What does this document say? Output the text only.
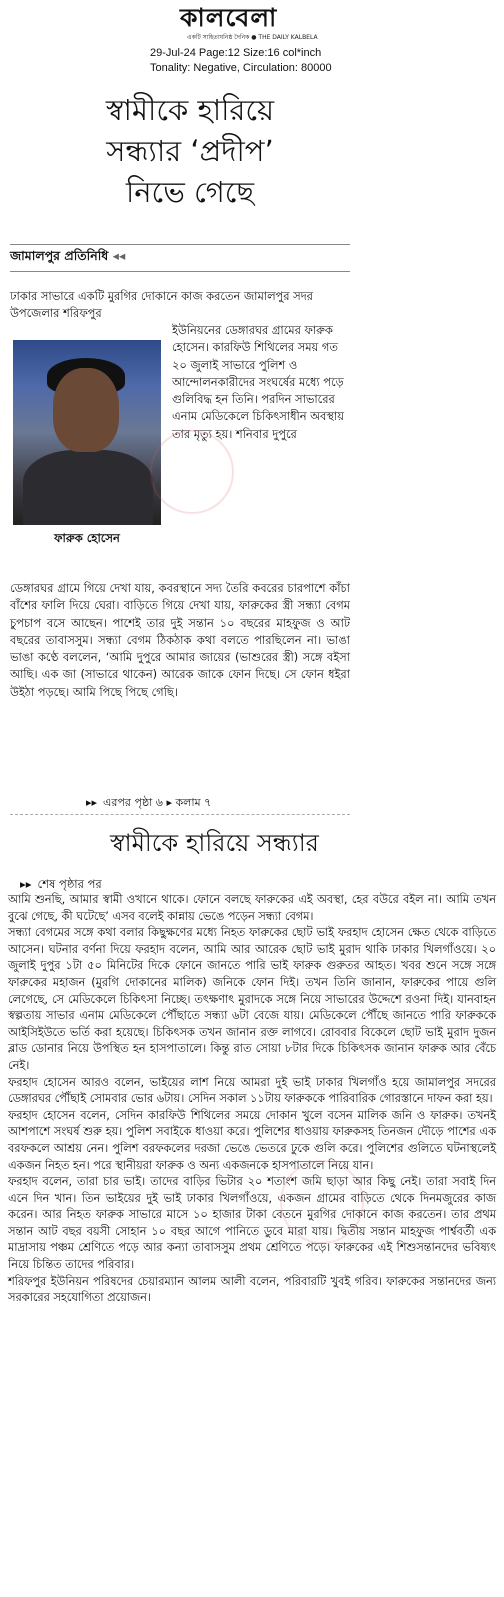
কালবেলা
একটি সাহিত্যঘনিষ্ঠ দৈনিক ● THE DAILY KALBELA
29-Jul-24 Page:12 Size:16 col*inch
Tonality: Negative, Circulation: 80000
স্বামীকে হারিয়ে
সন্ধ্যার ‘প্রদীপ’
নিভে গেছে
জামালপুর প্রতিনিধি ◂◂
ঢাকার সাভারে একটি মুরগির দোকানে কাজ করতেন জামালপুর সদর উপজেলার শরিফপুর
ফারুক হোসেন
ইউনিয়নের ডেঙ্গারঘর গ্রামের ফারুক হোসেন। কারফিউ শিথিলের সময় গত ২০ জুলাই সাভারে পুলিশ ও আন্দোলনকারীদের সংঘর্ষের মধ্যে পড়ে গুলিবিদ্ধ হন তিনি। পরদিন সাভারের এনাম মেডিকেলে চিকিৎসাধীন অবস্থায় তার মৃত্যু হয়। শনিবার দুপুরে
ডেঙ্গারঘর গ্রামে গিয়ে দেখা যায়, কবরস্থানে সদ্য তৈরি কবরের চারপাশে কাঁচা বাঁশের ফালি দিয়ে ঘেরা। বাড়িতে গিয়ে দেখা যায়, ফারুকের স্ত্রী সন্ধ্যা বেগম চুপচাপ বসে আছেন। পাশেই তার দুই সন্তান ১০ বছরের মাহফুজ ও আট বছরের তাবাসসুম। সন্ধ্যা বেগম ঠিকঠাক কথা বলতে পারছিলেন না। ভাঙা ভাঙা কণ্ঠে বললেন, ‘আমি দুপুরে আমার জায়ের (ভাশুরের স্ত্রী) সঙ্গে বইসা আছি। এক জা (সাভারে থাকেন) আরেক জাকে ফোন দিছে। সে ফোন ধইরা উইঠা পড়ছে। আমি পিছে পিছে গেছি।
▸▸ এরপর পৃষ্ঠা ৬ ▸ কলাম ৭
স্বামীকে হারিয়ে সন্ধ্যার
▸▸ শেষ পৃষ্ঠার পর

আমি শুনছি, আমার স্বামী ওখানে থাকে। ফোনে বলছে ফারুকের এই অবস্থা, হের বউরে বইল না। আমি তখন বুঝে গেছে, কী ঘটেছে’ এসব বলেই কান্নায় ভেঙে পড়েন সন্ধ্যা বেগম।

সন্ধ্যা বেগমের সঙ্গে কথা বলার কিছুক্ষণের মধ্যে নিহত ফারুকের ছোট ভাই ফরহাদ হোসেন ক্ষেত থেকে বাড়িতে আসেন। ঘটনার বর্ণনা দিয়ে ফরহাদ বলেন, আমি আর আরেক ছোট ভাই মুরাদ থাকি ঢাকার খিলগাঁওয়ে। ২০ জুলাই দুপুর ১টা ৫০ মিনিটের দিকে ফোনে জানতে পারি ভাই ফারুক গুরুতর আহত। খবর শুনে সঙ্গে সঙ্গে ফারুকের মহাজন (মুরগি দোকানের মালিক) জনিকে ফোন দিই। তখন তিনি জানান, ফারুকের পায়ে গুলি লেগেছে, সে মেডিকেলে চিকিৎসা নিচ্ছে। তৎক্ষণাৎ মুরাদকে সঙ্গে নিয়ে সাভারের উদ্দেশে রওনা দিই। যানবাহন স্বল্পতায় সাভার এনাম মেডিকেলে পৌঁছাতে সন্ধ্যা ৬টা বেজে যায়। মেডিকেলে পৌঁছে জানতে পারি ফারুককে আইসিইউতে ভর্তি করা হয়েছে। চিকিৎসক তখন জানান রক্ত লাগবে। রোববার বিকেলে ছোট ভাই মুরাদ দুজন ব্লাড ডোনার নিয়ে উপস্থিত হন হাসপাতালে। কিন্তু রাত সোয়া ৮টার দিকে চিকিৎসক জানান ফারুক আর বেঁচে নেই।

ফরহাদ হোসেন আরও বলেন, ভাইয়ের লাশ নিয়ে আমরা দুই ভাই ঢাকার খিলগাঁও হয়ে জামালপুর সদরের ডেঙ্গারঘর পৌঁছাই সোমবার ভোর ৬টায়। সেদিন সকাল ১১টায় ফারুককে পারিবারিক গোরস্তানে দাফন করা হয়।

ফরহাদ হোসেন বলেন, সেদিন কারফিউ শিথিলের সময়ে দোকান খুলে বসেন মালিক জনি ও ফারুক। তখনই আশপাশে সংঘর্ষ শুরু হয়। পুলিশ সবাইকে ধাওয়া করে। পুলিশের ধাওয়ায় ফারুকসহ তিনজন দৌড়ে পাশের এক বরফকলে আশ্রয় নেন। পুলিশ বরফকলের দরজা ভেঙে ভেতরে ঢুকে গুলি করে। পুলিশের গুলিতে ঘটনাস্থলেই একজন নিহত হন। পরে স্থানীয়রা ফারুক ও অন্য একজনকে হাসপাতালে নিয়ে যান।

ফরহাদ বলেন, তারা চার ভাই। তাদের বাড়ির ভিটার ২০ শতাংশ জমি ছাড়া আর কিছু নেই। তারা সবাই দিন এনে দিন খান। তিন ভাইয়ের দুই ভাই ঢাকার খিলগাঁওয়ে, একজন গ্রামের বাড়িতে থেকে দিনমজুরের কাজ করেন। আর নিহত ফারুক সাভারে মাসে ১০ হাজার টাকা বেতনে মুরগির দোকানে কাজ করতেন। তার প্রথম সন্তান আট বছর বয়সী সোহান ১০ বছর আগে পানিতে ডুবে মারা যায়। দ্বিতীয় সন্তান মাহফুজ পার্শ্ববর্তী এক মাদ্রাসায় পঞ্চম শ্রেণিতে পড়ে আর কন্যা তাবাসসুম প্রথম শ্রেণিতে পড়ে। ফারুকের এই শিশুসন্তানদের ভবিষ্যৎ নিয়ে চিন্তিত তাদের পরিবার।

শরিফপুর ইউনিয়ন পরিষদের চেয়ারম্যান আলম আলী বলেন, পরিবারটি খুবই গরিব। ফারুকের সন্তানদের জন্য সরকারের সহযোগিতা প্রয়োজন।
